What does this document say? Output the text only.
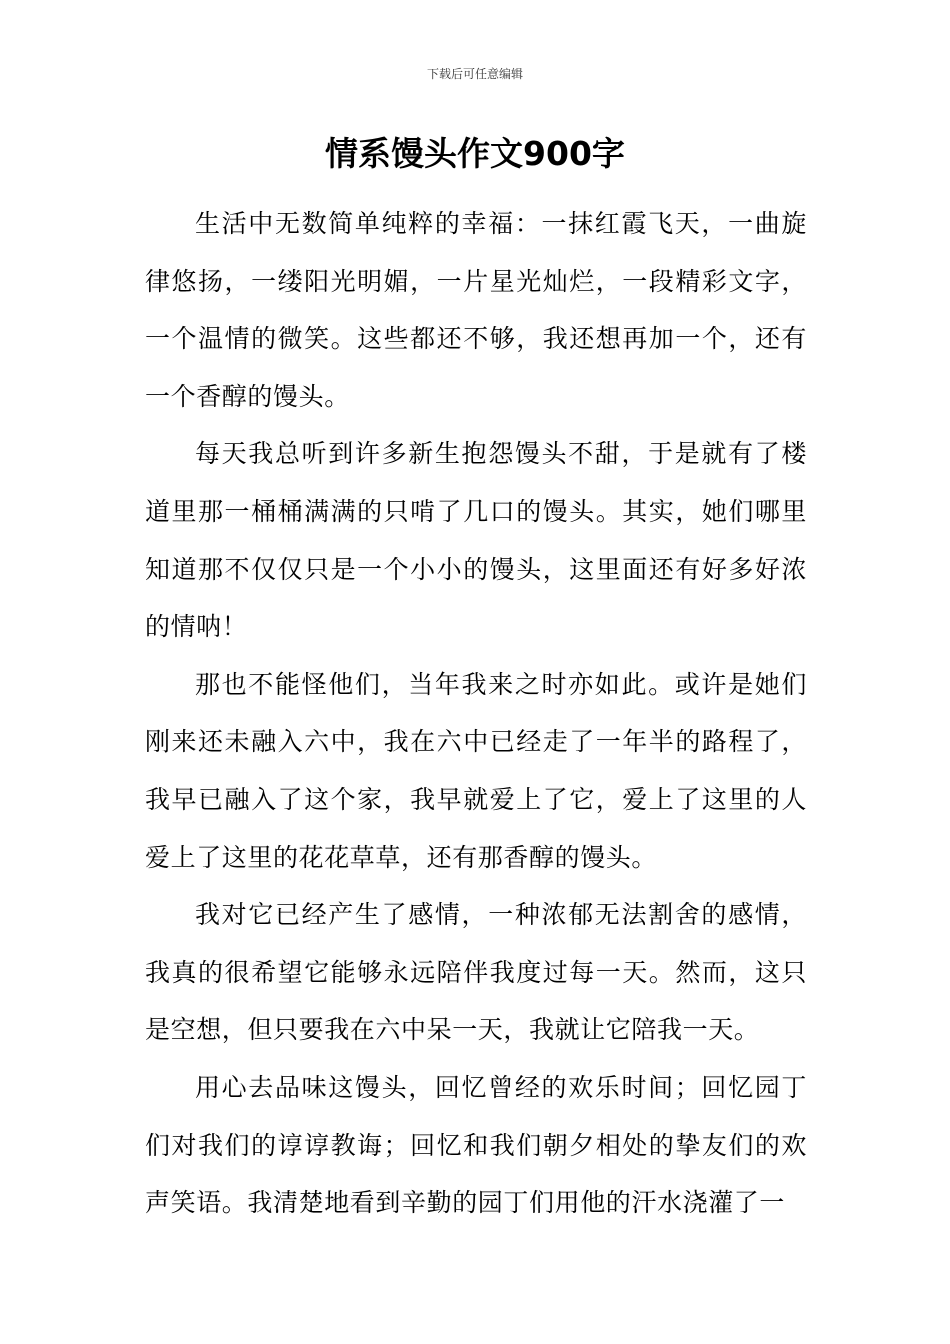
下载后可任意编辑
情系馒头作文900字

生活中无数简单纯粹的幸福：一抹红霞飞天，一曲旋律悠扬，一缕阳光明媚，一片星光灿烂，一段精彩文字，一个温情的微笑。这些都还不够，我还想再加一个，还有一个香醇的馒头。

每天我总听到许多新生抱怨馒头不甜，于是就有了楼道里那一桶桶满满的只啃了几口的馒头。其实，她们哪里知道那不仅仅只是一个小小的馒头，这里面还有好多好浓的情呐！

那也不能怪他们，当年我来之时亦如此。或许是她们刚来还未融入六中，我在六中已经走了一年半的路程了，我早已融入了这个家，我早就爱上了它，爱上了这里的人爱上了这里的花花草草，还有那香醇的馒头。

我对它已经产生了感情，一种浓郁无法割舍的感情，我真的很希望它能够永远陪伴我度过每一天。然而，这只是空想，但只要我在六中呆一天，我就让它陪我一天。

用心去品味这馒头，回忆曾经的欢乐时间；回忆园丁们对我们的谆谆教诲；回忆和我们朝夕相处的挚友们的欢声笑语。我清楚地看到辛勤的园丁们用他的汗水浇灌了一
